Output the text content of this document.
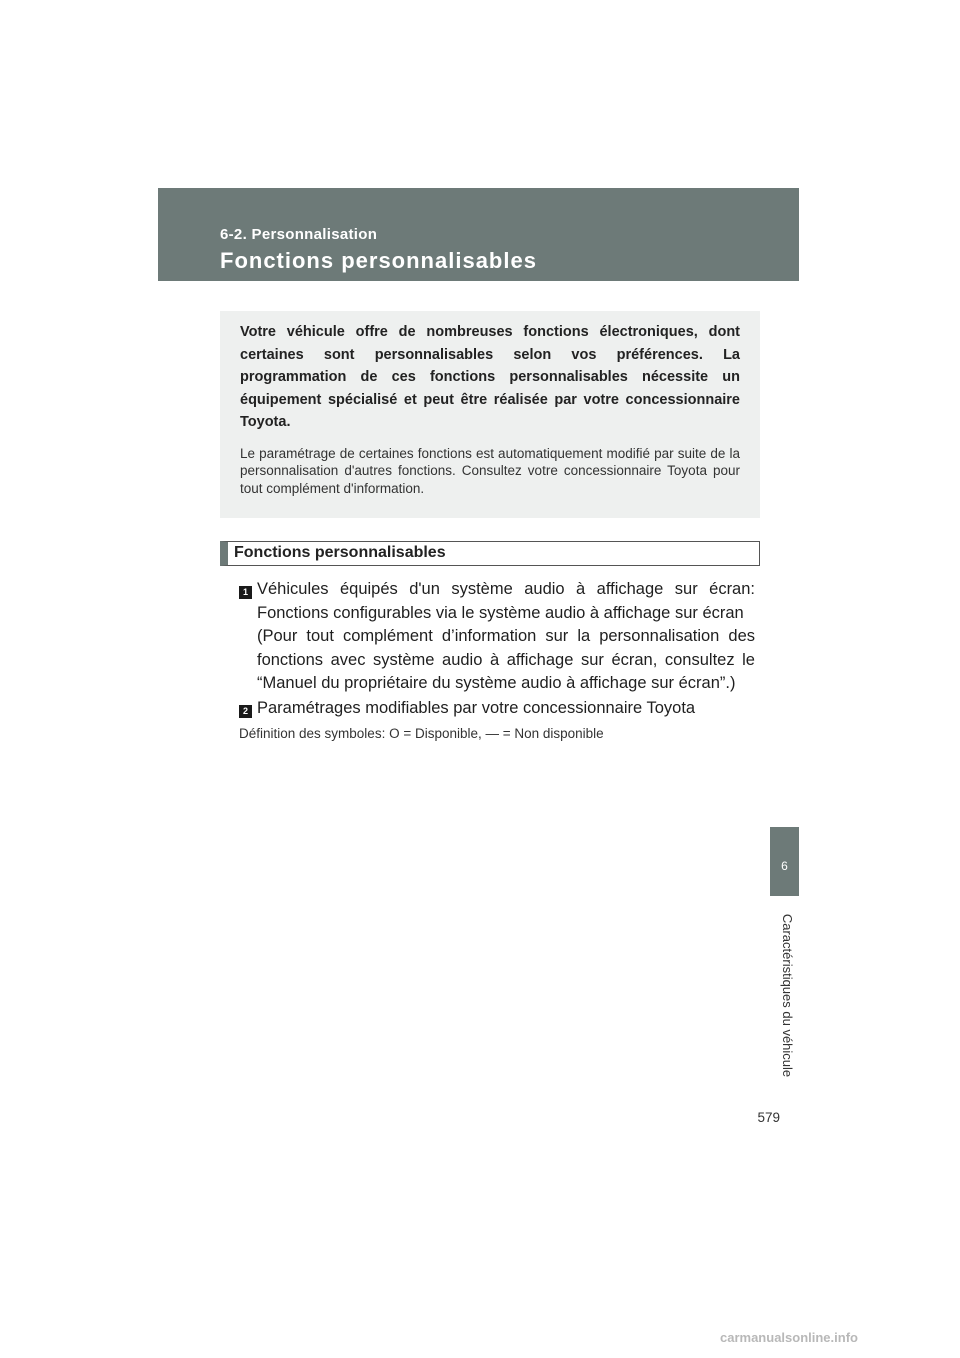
6-2. Personnalisation
Fonctions personnalisables

Votre véhicule offre de nombreuses fonctions électroniques, dont certaines sont personnalisables selon vos préférences. La programmation de ces fonctions personnalisables nécessite un équipement spécialisé et peut être réalisée par votre concessionnaire Toyota.

Le paramétrage de certaines fonctions est automatiquement modifié par suite de la personnalisation d'autres fonctions. Consultez votre concessionnaire Toyota pour tout complément d'information.

Fonctions personnalisables
1 Véhicules équipés d'un système audio à affichage sur écran:
Fonctions configurables via le système audio à affichage sur écran
(Pour tout complément d’information sur la personnalisation des
fonctions avec système audio à affichage sur écran, consultez le
“Manuel du propriétaire du système audio à affichage sur écran”.)
2 Paramétrages modifiables par votre concessionnaire Toyota
Définition des symboles: O = Disponible, — = Non disponible
6
Caractéristiques du véhicule
579
carmanualsonline.info
